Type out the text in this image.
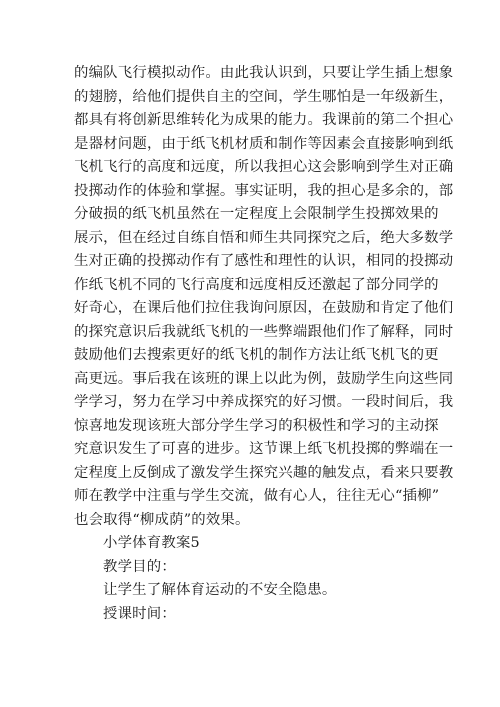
的编队飞行模拟动作。由此我认识到，只要让学生插上想象
的翅膀，给他们提供自主的空间，学生哪怕是一年级新生，
都具有将创新思维转化为成果的能力。我课前的第二个担心
是器材问题，由于纸飞机材质和制作等因素会直接影响到纸
飞机飞行的高度和远度，所以我担心这会影响到学生对正确
投掷动作的体验和掌握。事实证明，我的担心是多余的，部
分破损的纸飞机虽然在一定程度上会限制学生投掷效果的
展示，但在经过自练自悟和师生共同探究之后，绝大多数学
生对正确的投掷动作有了感性和理性的认识，相同的投掷动
作纸飞机不同的飞行高度和远度相反还激起了部分同学的
好奇心，在课后他们拉住我询问原因，在鼓励和肯定了他们
的探究意识后我就纸飞机的一些弊端跟他们作了解释，同时
鼓励他们去搜索更好的纸飞机的制作方法让纸飞机飞的更
高更远。事后我在该班的课上以此为例，鼓励学生向这些同
学学习，努力在学习中养成探究的好习惯。一段时间后，我
惊喜地发现该班大部分学生学习的积极性和学习的主动探
究意识发生了可喜的进步。这节课上纸飞机投掷的弊端在一
定程度上反倒成了激发学生探究兴趣的触发点，看来只要教
师在教学中注重与学生交流，做有心人，往往无心“插柳”
也会取得“柳成荫”的效果。
小学体育教案5
教学目的：
让学生了解体育运动的不安全隐患。
授课时间：
